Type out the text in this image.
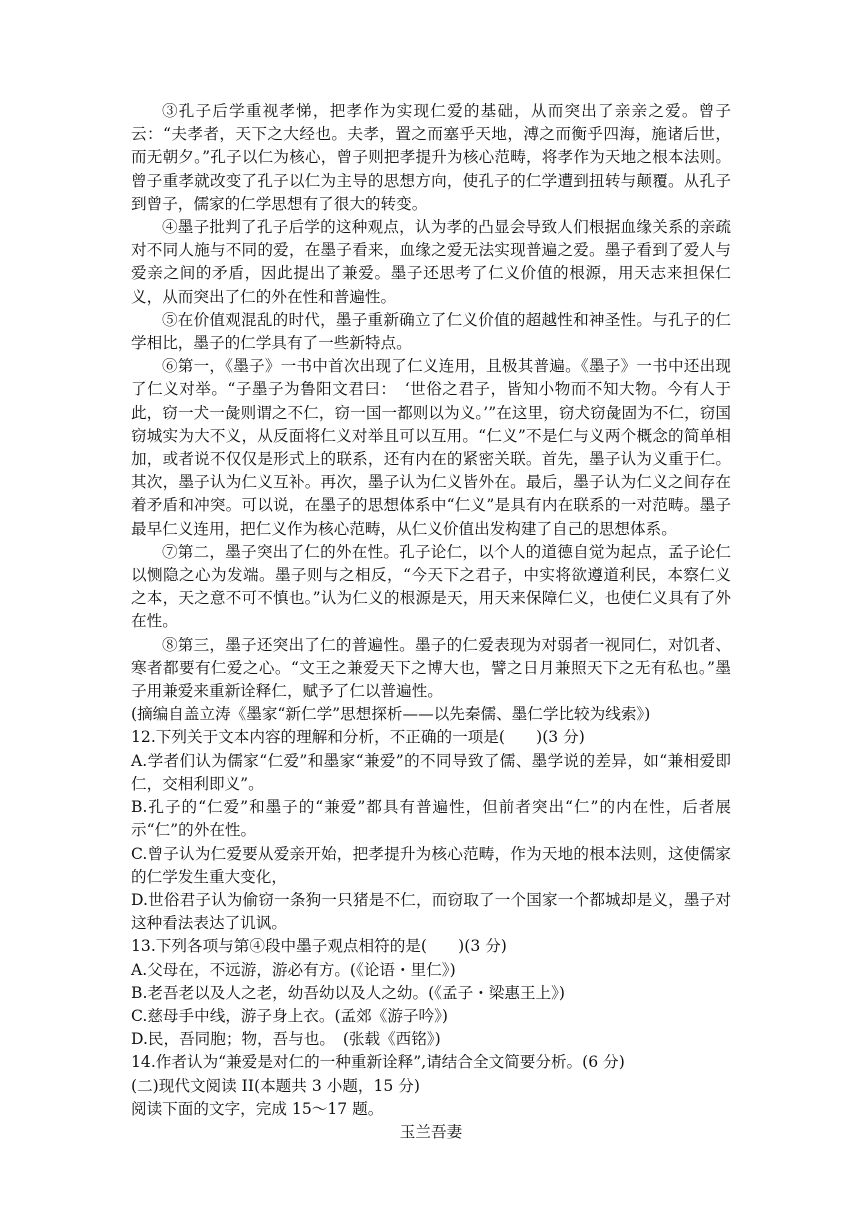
③孔子后学重视孝悌，把孝作为实现仁爱的基础，从而突出了亲亲之爱。曾子云：“夫孝者，天下之大经也。夫孝，置之而塞乎天地，溥之而衡乎四海，施诸后世，而无朝夕。”孔子以仁为核心，曾子则把孝提升为核心范畴，将孝作为天地之根本法则。曾子重孝就改变了孔子以仁为主导的思想方向，使孔子的仁学遭到扭转与颠覆。从孔子到曾子，儒家的仁学思想有了很大的转变。

④墨子批判了孔子后学的这种观点，认为孝的凸显会导致人们根据血缘关系的亲疏对不同人施与不同的爱，在墨子看来，血缘之爱无法实现普遍之爱。墨子看到了爱人与爱亲之间的矛盾，因此提出了兼爱。墨子还思考了仁义价值的根源，用天志来担保仁义，从而突出了仁的外在性和普遍性。

⑤在价值观混乱的时代，墨子重新确立了仁义价值的超越性和神圣性。与孔子的仁学相比，墨子的仁学具有了一些新特点。

⑥第一，《墨子》一书中首次出现了仁义连用，且极其普遍。《墨子》一书中还出现了仁义对举。“子墨子为鲁阳文君曰：　‘世俗之君子，皆知小物而不知大物。今有人于此，窃一犬一彘则谓之不仁，窃一国一都则以为义。’”在这里，窃犬窃彘固为不仁，窃国窃城实为大不义，从反面将仁义对举且可以互用。“仁义”不是仁与义两个概念的简单相加，或者说不仅仅是形式上的联系，还有内在的紧密关联。首先，墨子认为义重于仁。其次，墨子认为仁义互补。再次，墨子认为仁义皆外在。最后，墨子认为仁义之间存在着矛盾和冲突。可以说，在墨子的思想体系中“仁义”是具有内在联系的一对范畴。墨子最早仁义连用，把仁义作为核心范畴，从仁义价值出发构建了自己的思想体系。

⑦第二，墨子突出了仁的外在性。孔子论仁，以个人的道德自觉为起点，孟子论仁以恻隐之心为发端。墨子则与之相反，“今天下之君子，中实将欲遵道利民，本察仁义之本，天之意不可不慎也。”认为仁义的根源是天，用天来保障仁义，也使仁义具有了外在性。

⑧第三，墨子还突出了仁的普遍性。墨子的仁爱表现为对弱者一视同仁，对饥者、寒者都要有仁爱之心。“文王之兼爱天下之博大也，譬之日月兼照天下之无有私也。”墨子用兼爱来重新诠释仁，赋予了仁以普遍性。

(摘编自盖立涛《墨家“新仁学”思想探析——以先秦儒、墨仁学比较为线索》)

12.下列关于文本内容的理解和分析，不正确的一项是(　　)(3 分)

A.学者们认为儒家“仁爱”和墨家“兼爱”的不同导致了儒、墨学说的差异，如“兼相爱即仁，交相利即义”。

B.孔子的“仁爱”和墨子的“兼爱”都具有普遍性，但前者突出“仁”的内在性，后者展示“仁”的外在性。

C.曾子认为仁爱要从爱亲开始，把孝提升为核心范畴，作为天地的根本法则，这使儒家的仁学发生重大变化，

D.世俗君子认为偷窃一条狗一只猪是不仁，而窃取了一个国家一个都城却是义，墨子对这种看法表达了讥讽。

13.下列各项与第④段中墨子观点相符的是(　　)(3 分)

A.父母在，不远游，游必有方。(《论语・里仁》)

B.老吾老以及人之老，幼吾幼以及人之幼。(《孟子・梁惠王上》)

C.慈母手中线，游子身上衣。(孟郊《游子吟》)

D.民，吾同胞；物，吾与也。　(张载《西铭》)

14.作者认为“兼爱是对仁的一种重新诠释”,请结合全文简要分析。(6 分)

(二)现代文阅读 II(本题共 3 小题，15 分)

阅读下面的文字，完成 15～17 题。

玉兰吾妻
